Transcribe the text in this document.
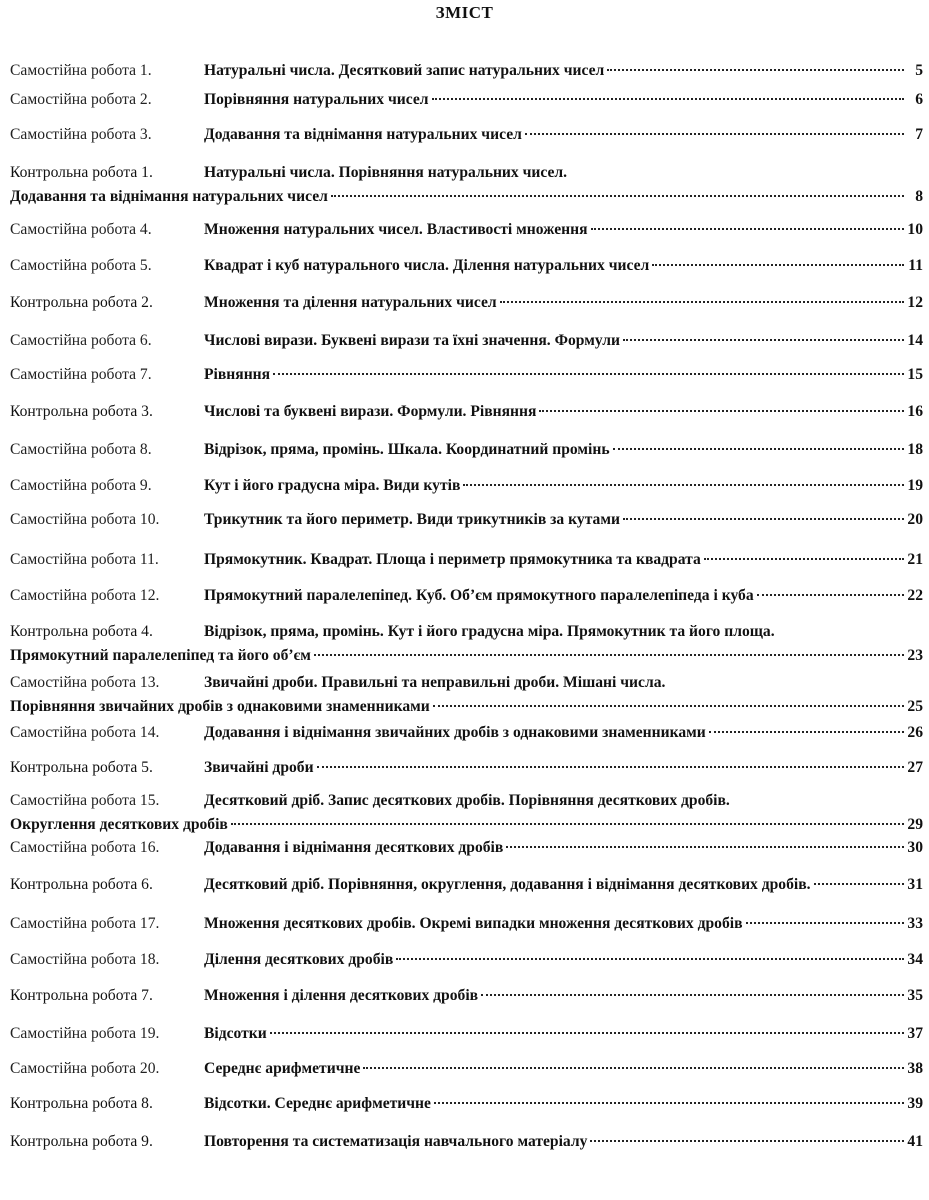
ЗМІСТ
Самостійна робота 1.	Натуральні числа. Десятковий запис натуральних чисел	5
Самостійна робота 2.	Порівняння натуральних чисел	6
Самостійна робота 3.	Додавання та віднімання натуральних чисел	7
Контрольна робота 1.	Натуральні числа. Порівняння натуральних чисел.
Додавання та віднімання натуральних чисел	8
Самостійна робота 4.	Множення натуральних чисел. Властивості множення	10
Самостійна робота 5.	Квадрат і куб натурального числа. Ділення натуральних чисел	11
Контрольна робота 2.	Множення та ділення натуральних чисел	12
Самостійна робота 6.	Числові вирази. Буквені вирази та їхні значення. Формули	14
Самостійна робота 7.	Рівняння	15
Контрольна робота 3.	Числові та буквені вирази. Формули. Рівняння	16
Самостійна робота 8.	Відрізок, пряма, промінь. Шкала. Координатний промінь	18
Самостійна робота 9.	Кут і його градусна міра. Види кутів	19
Самостійна робота 10.	Трикутник та його периметр. Види трикутників за кутами	20
Самостійна робота 11.	Прямокутник. Квадрат. Площа і периметр прямокутника та квадрата	21
Самостійна робота 12.	Прямокутний паралелепіпед. Куб. Об’єм прямокутного паралелепіпеда і куба	22
Контрольна робота 4.	Відрізок, пряма, промінь. Кут і його градусна міра. Прямокутник та його площа.
Прямокутний паралелепіпед та його об’єм	23
Самостійна робота 13.	Звичайні дроби. Правильні та неправильні дроби. Мішані числа.
Порівняння звичайних дробів з однаковими знаменниками	25
Самостійна робота 14.	Додавання і віднімання звичайних дробів з однаковими знаменниками	26
Контрольна робота 5.	Звичайні дроби	27
Самостійна робота 15.	Десятковий дріб. Запис десяткових дробів. Порівняння десяткових дробів.
Округлення десяткових дробів	29
Самостійна робота 16.	Додавання і віднімання десяткових дробів	30
Контрольна робота 6.	Десятковий дріб. Порівняння, округлення, додавання і віднімання десяткових дробів.	31
Самостійна робота 17.	Множення десяткових дробів. Окремі випадки множення десяткових дробів	33
Самостійна робота 18.	Ділення десяткових дробів	34
Контрольна робота 7.	Множення і ділення десяткових дробів	35
Самостійна робота 19.	Відсотки	37
Самостійна робота 20.	Середнє арифметичне	38
Контрольна робота 8.	Відсотки. Середнє арифметичне	39
Контрольна робота 9.	Повторення та систематизація навчального матеріалу	41
